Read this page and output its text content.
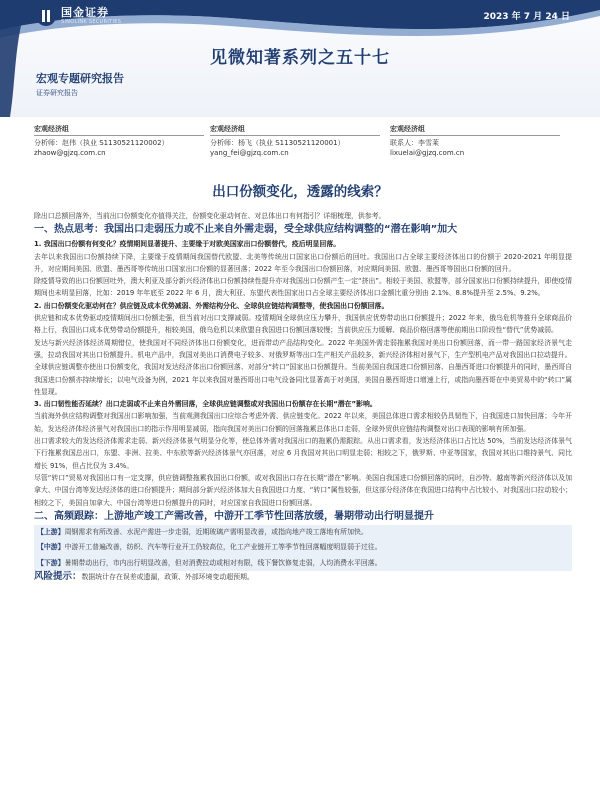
国金证券
SINOLINK SECURITIES	2023 年 7 月 24 日
见微知著系列之五十七
宏观专题研究报告
证券研究报告
宏观经济组
分析师：赵伟（执业 S1130521120002）
zhaow@gjzq.com.cn
宏观经济组
分析师：杨飞（执业 S1130521120001）
yang_fei@gjzq.com.cn
宏观经济组
联系人：李雪莱
lixuelai@gjzq.com.cn
出口份额变化，透露的线索？

除出口总额回落外，当前出口份额变化亦值得关注，份额变化驱动何在、对总体出口有何指引？详细梳理，供参考。

一、热点思考：我国出口走弱压力或不止来自外需走弱，受全球供应结构调整的“潜在影响”加大

1. 我国出口份额有何变化？疫情期间显著提升、主要缘于对欧美国家出口份额替代，疫后明显回落。

去年以来我国出口份额持续下降，主要缘于疫情期间我国替代欧盟、北美等传统出口国家出口份额后的回吐。我国出口占全球主要经济体出口的份额于 2020-2021 年明显提升，对应期间美国、欧盟、墨西哥等传统出口国家出口份额的显著回落；2022 年至今我国出口份额回落，对应期间美国、欧盟、墨西哥等国出口份额的回升。

除疫情导致的出口份额回吐外，澳大利亚及部分新兴经济体出口份额持续性提升亦对我国出口份额产生一定“挤出”。相较于美国、欧盟等，部分国家出口份额持续提升，即使疫情期间也未明显回落，比如：2019 年年底至 2022 年 6 月，澳大利亚、东盟代表性国家出口占全球主要经济体出口金额比重分别由 2.1%、8.8%提升至 2.5%、9.2%。

2. 出口份额变化驱动何在？供应链及成本优势减弱、外需结构分化、全球供应链结构调整等，使我国出口份额回落。

供应链和成本优势驱动疫情期间出口份额走强，但当前对出口支撑减弱。疫情期间全球供应压力攀升，我国供应优势带动出口份额提升；2022 年来，俄乌危机等推升全球商品价格上行，我国出口成本优势带动份额提升，相较美国，俄乌危机以来欧盟自我国进口份额回落较慢；当前供应压力缓解、商品价格回落等使前期出口阶段性“替代”优势减弱。

发达与新兴经济体经济周期错位，使我国对不同经济体出口份额变化，进而带动产品结构变化。2022 年美国外需走弱拖累我国对美出口份额回落，而一带一路国家经济景气走强，拉动我国对其出口份额提升。机电产品中，我国对美出口消费电子较多、对俄罗斯等出口生产相关产品较多，新兴经济体相对景气下，生产型机电产品对我国出口拉动提升。

全球供应链调整亦使出口份额变化，我国对发达经济体出口份额回落、对部分“转口”国家出口份额提升。当前美国自我国进口份额回落、自墨西哥进口份额提升的同时，墨西哥自我国进口份额亦持续增长；以电气设备为例，2021 年以来我国对墨西哥出口电气设备同比显著高于对美国，美国自墨西哥进口增速上行，或指向墨西哥在中美贸易中的“转口”属性显现。

3. 出口韧性能否延续？出口走弱或不止来自外需回落，全球供应链调整或对我国出口份额存在长期“潜在”影响。

当前海外供应结构调整对我国出口影响加强，当前观测我国出口应综合考虑外需、供应链变化。2022 年以来，美国总体进口需求相较仍具韧性下，自我国进口加快回落；今年开始，发达经济体经济景气对我国出口的指示作用明显减弱，指向我国对美出口份额的回落拖累总体出口走弱，全球外贸供应链结构调整对出口表现的影响有所加强。

出口需求较大的发达经济体需求走弱、新兴经济体景气明显分化等，使总体外需对我国出口的拖累仍需跟踪。从出口需求看，发达经济体出口占比达 50%，当前发达经济体景气下行拖累我国总出口，东盟、非洲、拉美、中东欧等新兴经济体景气亦回落，对应 6 月我国对其出口明显走弱；相较之下，俄罗斯、中亚等国家，我国对其出口维持景气、同比增长 91%，但占比仅为 3.4%。

尽管“转口”贸易对我国出口有一定支撑，供应链调整拖累我国出口份额，或对我国出口存在长期“潜在”影响。美国自我国进口份额回落的同时，自沙特、越南等新兴经济体以及加拿大、中国台湾等发达经济体的进口份额提升；期间部分新兴经济体加大自我国进口力度、“转口”属性较强，但这部分经济体在我国进口结构中占比较小、对我国出口拉动较小；相较之下，美国自加拿大、中国台湾等进口份额提升的同时，对应国家自我国进口份额回落。

二、高频跟踪：上游地产竣工产需改善，中游开工季节性回落放缓，暑期带动出行明显提升

【上游】周钢需求有所改善、水泥产需进一步走弱，近期玻璃产需明显改善，或指向地产竣工落地有所加快。

【中游】中游开工普遍改善，纺织、汽车等行业开工仍较高位，化工产业链开工等季节性回落幅度明显弱于过往。

【下游】暑期带动出行，市内出行明显改善，但对消费拉动或相对有限，线下餐饮修复走弱，人均消费水平回落。

风险提示：数据统计存在误差或遗漏，政策、外部环境变动超预期。
